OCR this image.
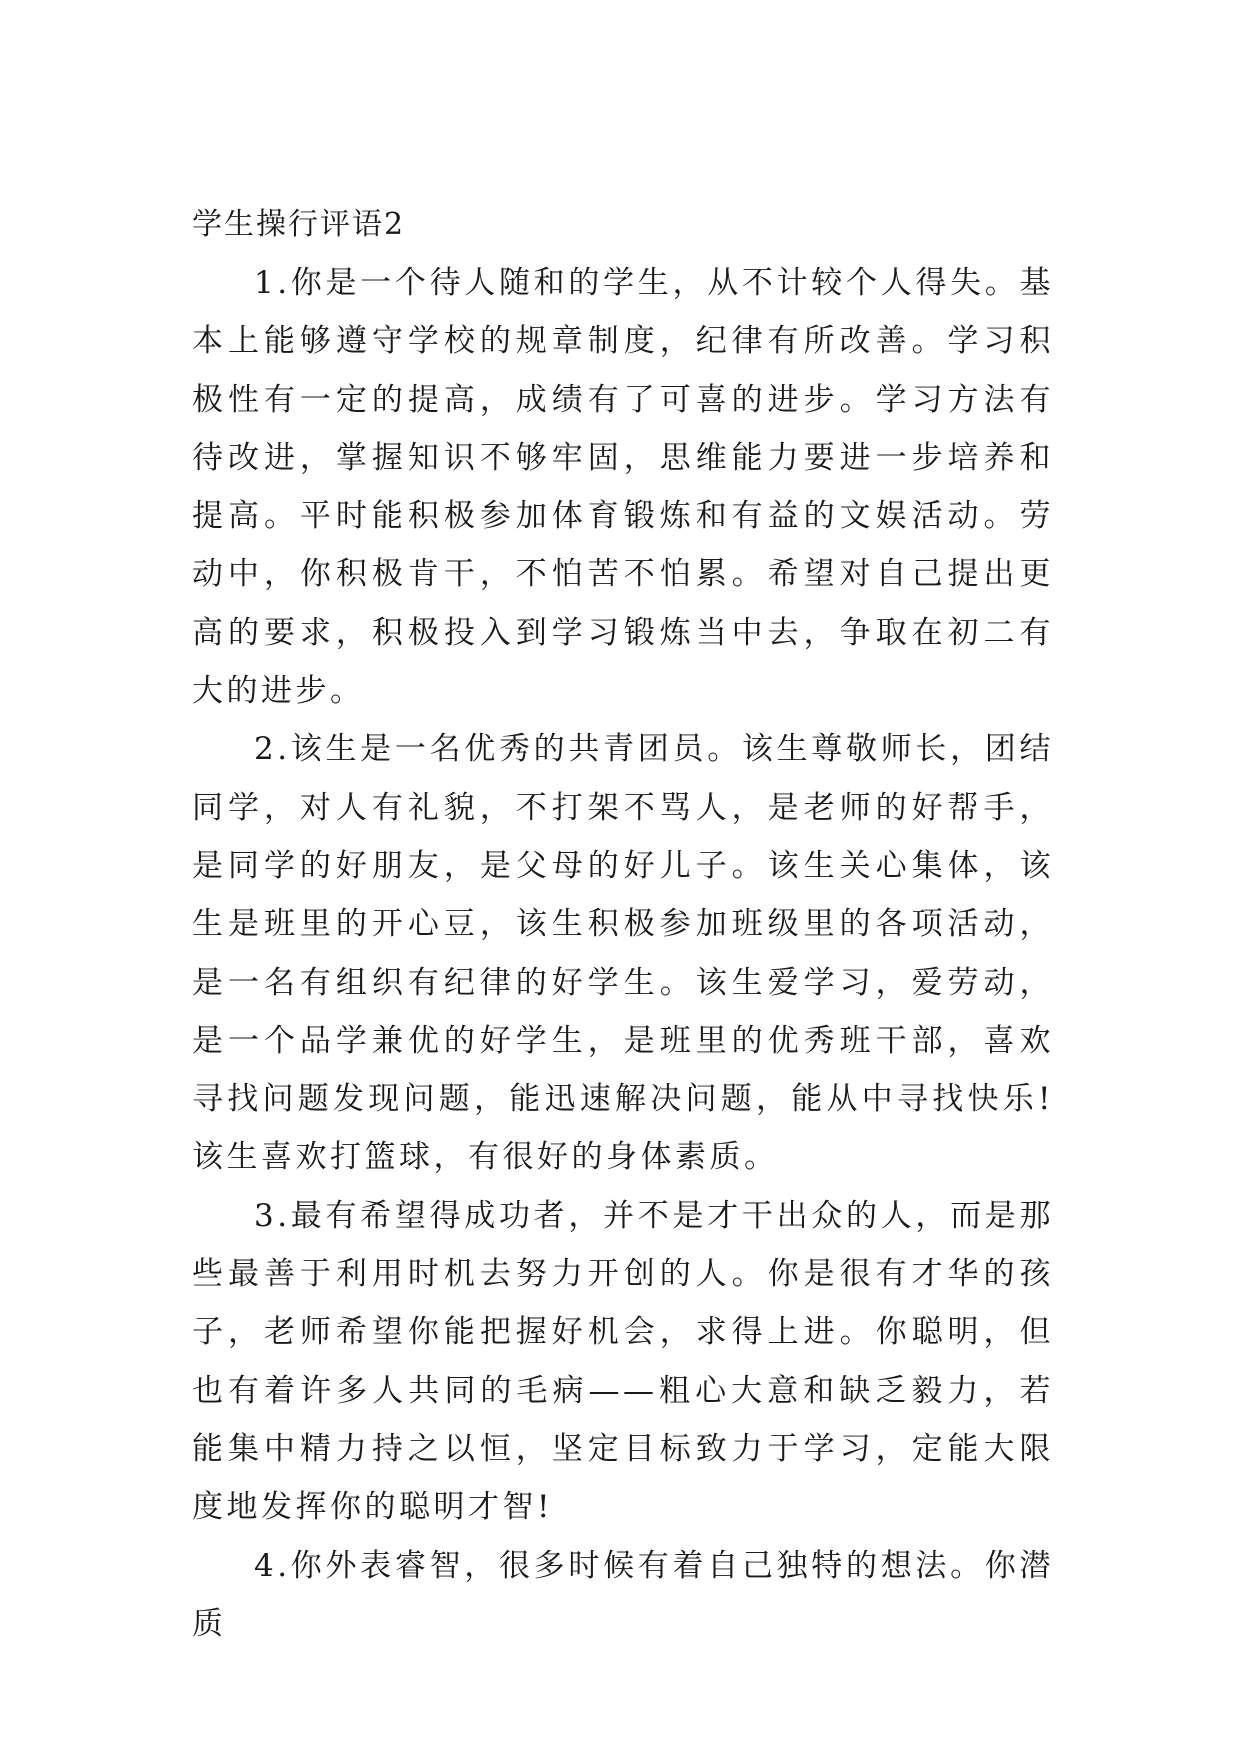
学生操行评语2

1.你是一个待人随和的学生，从不计较个人得失。基本上能够遵守学校的规章制度，纪律有所改善。学习积极性有一定的提高，成绩有了可喜的进步。学习方法有待改进，掌握知识不够牢固，思维能力要进一步培养和提高。平时能积极参加体育锻炼和有益的文娱活动。劳动中，你积极肯干，不怕苦不怕累。希望对自己提出更高的要求，积极投入到学习锻炼当中去，争取在初二有大的进步。

2.该生是一名优秀的共青团员。该生尊敬师长，团结同学，对人有礼貌，不打架不骂人，是老师的好帮手，是同学的好朋友，是父母的好儿子。该生关心集体，该生是班里的开心豆，该生积极参加班级里的各项活动，是一名有组织有纪律的好学生。该生爱学习，爱劳动，是一个品学兼优的好学生，是班里的优秀班干部，喜欢寻找问题发现问题，能迅速解决问题，能从中寻找快乐!该生喜欢打篮球，有很好的身体素质。

3.最有希望得成功者，并不是才干出众的人，而是那些最善于利用时机去努力开创的人。你是很有才华的孩子，老师希望你能把握好机会，求得上进。你聪明，但也有着许多人共同的毛病——粗心大意和缺乏毅力，若能集中精力持之以恒，坚定目标致力于学习，定能大限度地发挥你的聪明才智!

4.你外表睿智，很多时候有着自己独特的想法。你潜质
